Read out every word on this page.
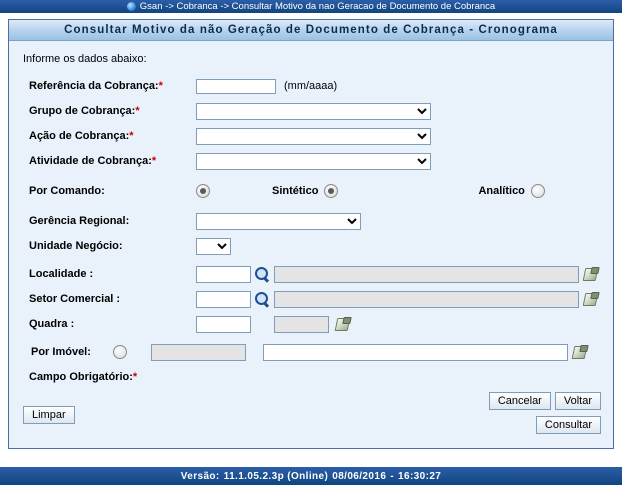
Gsan -> Cobranca -> Consultar Motivo da nao Geracao de Documento de Cobranca
Consultar Motivo da não Geração de Documento de Cobrança - Cronograma
Informe os dados abaixo:
Referência da Cobrança:*	(mm/aaaa)
Grupo de Cobrança:*
Ação de Cobrança:*
Atividade de Cobrança:*
Por Comando:	Sintético	Analítico
Gerência Regional:
Unidade Negócio:
Localidade :
Setor Comercial :
Quadra :
Por Imóvel:
Campo Obrigatório:*
Limpar
Cancelar	Voltar
Consultar
Versão: 11.1.05.2.3p (Online) 08/06/2016 - 16:30:27
